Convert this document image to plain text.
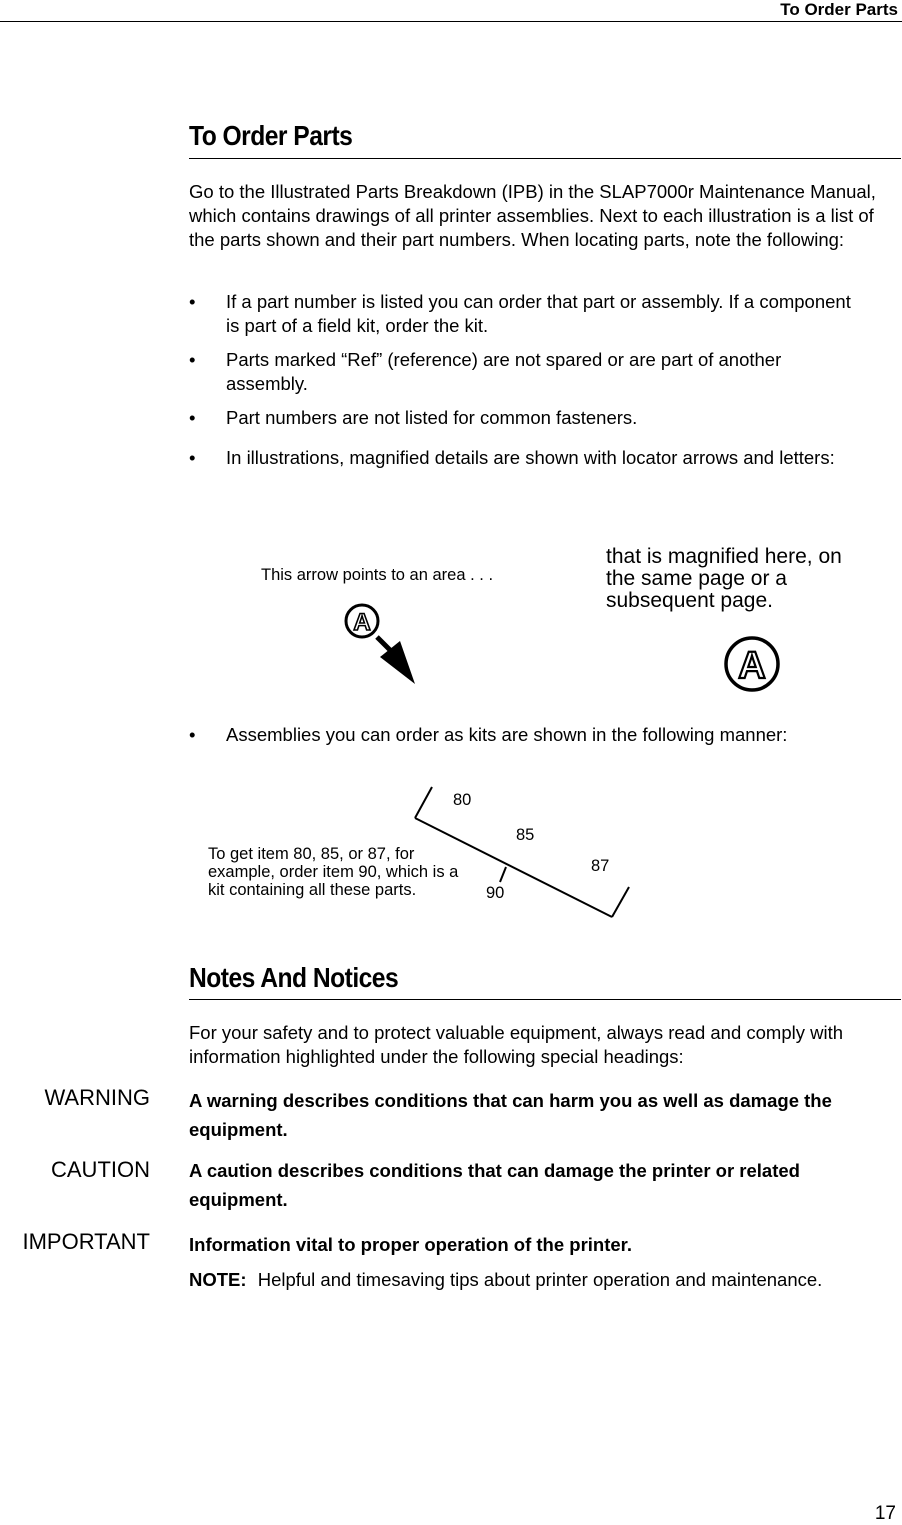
To Order Parts
To Order Parts

Go to the Illustrated Parts Breakdown (IPB) in the SLAP7000r Maintenance Manual, which contains drawings of all printer assemblies. Next to each illustration is a list of the parts shown and their part numbers. When locating parts, note the following:

•	If a part number is listed you can order that part or assembly. If a component is part of a field kit, order the kit.
•	Parts marked “Ref” (reference) are not spared or are part of another assembly.
•	Part numbers are not listed for common fasteners.
•	In illustrations, magnified details are shown with locator arrows and letters:
A
A
This arrow points to an area . . .
that is magnified here, on the same page or a subsequent page.
•	Assemblies you can order as kits are shown in the following manner:
80
85
87
90
To get item 80, 85, or 87, for example, order item 90, which is a kit containing all these parts.
Notes And Notices

For your safety and to protect valuable equipment, always read and comply with information highlighted under the following special headings:

WARNING A warning describes conditions that can harm you as well as damage the equipment.
CAUTION A caution describes conditions that can damage the printer or related equipment.
IMPORTANT Information vital to proper operation of the printer.
NOTE: Helpful and timesaving tips about printer operation and maintenance.
17
